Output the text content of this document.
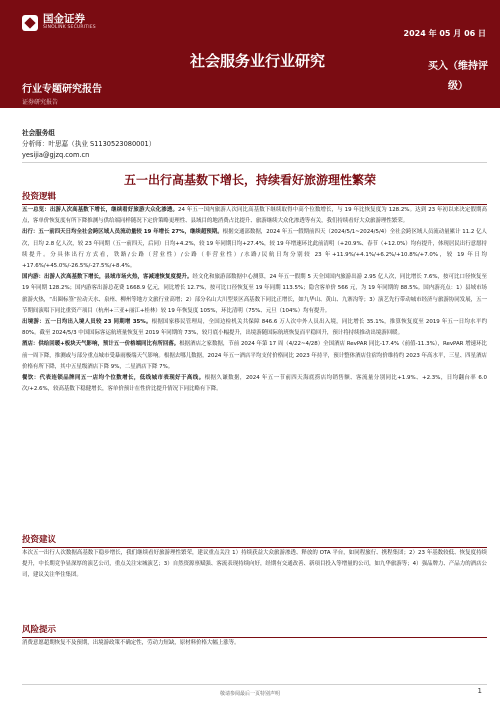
国金证券
SINOLINK SECURITIES
2024 年 05 月 06 日
社会服务业行业研究	买入（维持评级）
行业专题研究报告
证券研究报告
社会服务组
分析师：叶思嘉（执业 S1130523080001）
yesijia@gjzq.com.cn
五一出行高基数下增长，持续看好旅游理性繁荣
投资逻辑

五一总览：出游人次高基数下增长，继续看好旅游大众化渗透。24 年五一国内旅游人次同比高基数下继续取得中高个位数增长，与 19 年比恢复度为 128.2%。达到 23 年初以来决定假期高点，客单价恢复度有所下降推测与供给端同样随况下定价策略更理性、县域目的地消费占比提升、旅游继续大众化渗透等有关，我们持续看好大众旅游理性繁荣。

出行：五一前四天日均全社会跨区域人员流动量较 19 年增长 27%，继续超预期。根据交通部数据，2024 年五一假期前四天（2024/5/1~2024/5/4）全社会跨区域人员流动量累计 11.2 亿人次，日均 2.8 亿人次，较 23 年同期（五一前四天，后同）日均+4.2%，较 19 年同期日均+27.4%，较 19 年增速环比此前清明（+20.9%、春节（+12.0%）均有提升，体现居民出行意愿持续提升。分具体出行方式看，铁路/公路（营业性）/公路（非营业性）/水路/民航日均分别较 23 年+11.9%/+4.1%/+6.2%/+10.8%/+7.0%，较 19 年日均+17.6%/+45.0%/-26.5%/-27.5%/+8.4%。

国内游：出游人次高基数下增长，县域市场火热，客减速恢复度提升。经文化和旅游部数据中心测算，24 年五一假期 5 天全国国内旅游出游 2.95 亿人次，同比增长 7.6%，按可比口径恢复至 19 年同期 128.2%；国内游客出游总花费 1668.9 亿元，同比增长 12.7%，按可比口径恢复至 19 年同期 113.5%；隐含客单价 566 元，为 19 年同期的 88.5%。国内游亮点：1）县域市场旅游火热，“出圈标签”拉动天水、泉州、柳州等地方文旅行业高增；2）部分名山大川型景区高基数下同比正增长，如九华山、黄山、九寨沟等；3）演艺先行带动城市经济与旅游协同发展，五一节期间演唱下同比重资产项目（杭州+三亚+丽江+桂林）较 19 年恢复度 105%，环比清明（75%、元旦（104%）均有提升。

出境游：五一日均出入境人员较 23 同期增 35%。根据国家移民管理局，全国边检机关共保障 846.6 万人次中外人员出入境，同比增长 35.1%，推算恢复度至 2019 年五一日均水平约 80%。截至 2024/5/3 中国国际客运航班量恢复至 2019 年同期的 73%，较月底小幅提升，出境游随国际航班恢复而平稳回升，预计将持续推动出境游回暖。

酒店：供给回暖+板块天气影响，预计五一价格端同比有所回落。根据酒店之家数据，节前 2024 年第 17 周（4/22~4/28）全国酒店 RevPAR 同比-17.4%（前值-11.3%），RevPAR 增速环比前一周下降，推测或与部分重点城市受暴雨极端天气影响。根据去哪儿数据，2024 年五一酒店平均支付价格同比 2023 年持平，预计整体酒店住宿均价维持约 2023 年高水平，三星、四星酒店价格有所下降，其中五星级酒店下降 9%，二星酒店下降 7%。

餐饮：代表连锁品牌同五一店均个位数增长，低线城市表现好于高线。根据久谦数据，2024 年五一节前四天海底捞店均销售额、客流量分别同比+1.9%、+2.3%，日均翻台率 6.0 次/+2.6%，较高基数下稳健增长，客单价预计在性价比提升情况下同比略有下降。

投资建议

本次五一出行人次数据高基数下稳步增长，我们继续看好旅游理性繁荣，建议重点关注 1）持续获益大众旅游渗透、释放的 OTA 平台，如同程旅行、携程集团；2）23 年基数较低、恢复度持续提升，中长期竞争显深厚的演艺公司，重点关注宋城演艺；3）自然资源禀赋强、客流表现持续向好，经期有交通改善、新项目投入等增量的公司，如九华旅游等；4）强品牌力、产品力的酒店公司，建议关注华住集团。

风险提示

消费意愿超期恢复不及预期，出境游政策不确定性，劳动力短缺，原材料价格大幅上涨等。

敬请参阅最后一页特别声明	1
